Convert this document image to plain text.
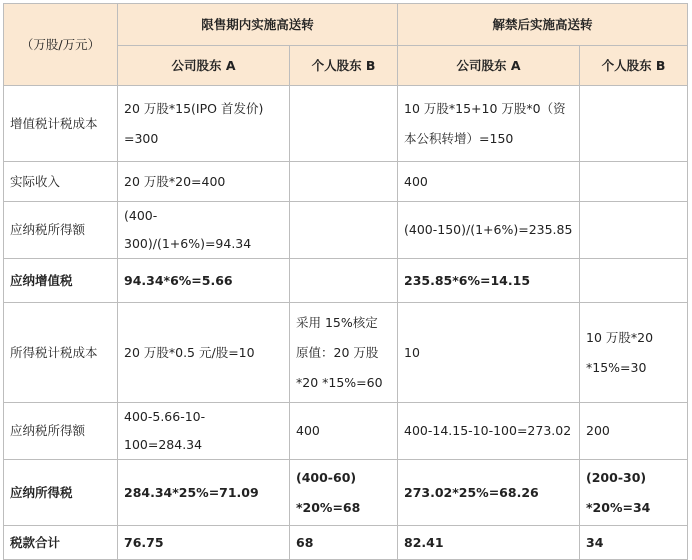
（万股/万元）	限售期内实施高送转		解禁后实施高送转	
	公司股东 A	个人股东 B	公司股东 A	个人股东 B
增值税计税成本	20 万股*15(IPO 首发价)
=300		10 万股*15+10 万股*0（资
本公积转增）=150	

实际收入	20 万股*20=400		400	

应纳税所得额	(400-300)/(1+6%)=94.34		(400-150)/(1+6%)=235.85	

应纳增值税	94.34*6%=5.66		235.85*6%=14.15	

所得税计税成本	20 万股*0.5 元/股=10	采用 15%核定
原值：20 万股
*20 *15%=60	10	10 万股*20
*15%=30

应纳税所得额	400-5.66-10-100=284.34	400	400-14.15-10-100=273.02	200

应纳所得税	284.34*25%=71.09	(400-60)
*20%=68	273.02*25%=68.26	(200-30)
*20%=34

税款合计	76.75	68	82.41	34
